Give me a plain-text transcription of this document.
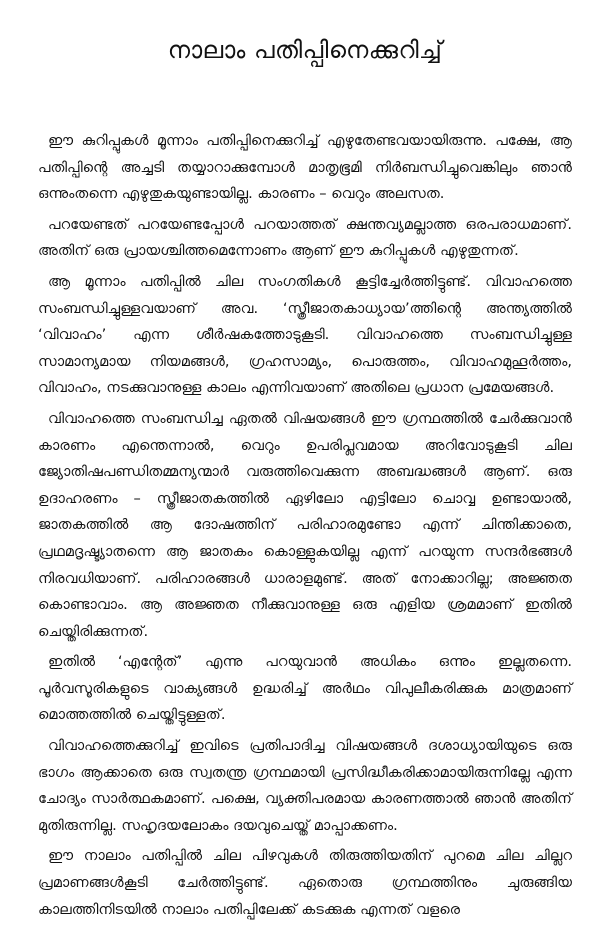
നാലാം പതിപ്പിനെക്കുറിച്ച്

ഈ കുറിപ്പുകൾ മൂന്നാം പതിപ്പിനെക്കുറിച്ച് എഴുതേണ്ടവയായിരുന്നു. പക്ഷേ, ആ പതിപ്പിന്റെ അച്ചടി തയ്യാറാക്കുമ്പോൾ മാതൃഭൂമി നിർബന്ധിച്ചുവെങ്കിലും ഞാൻ ഒന്നുംതന്നെ എഴുതുകയുണ്ടായില്ല. കാരണം – വെറും അലസത.

പറയേണ്ടത് പറയേണ്ടപ്പോൾ പറയാത്തത് ക്ഷന്തവ്യമല്ലാത്ത ഒരപരാധമാണ്. അതിന് ഒരു പ്രായശ്ചിത്തമെന്നോണം ആണ് ഈ കുറിപ്പുകൾ എഴുതുന്നത്.

ആ മൂന്നാം പതിപ്പിൽ ചില സംഗതികൾ കൂട്ടിച്ചേർത്തിട്ടുണ്ട്. വിവാഹത്തെ സംബന്ധിച്ചുള്ളവയാണ് അവ. ‘സ്ത്രീജാതകാധ്യായ’ത്തിന്റെ അന്ത്യത്തിൽ ‘വിവാഹം’ എന്ന ശീർഷകത്തോടുകൂടി. വിവാഹത്തെ സംബന്ധിച്ചുള്ള സാമാന്യമായ നിയമങ്ങൾ, ഗ്രഹസാമ്യം, പൊരുത്തം, വിവാഹമുഹൂർത്തം, വിവാഹം, നടക്കുവാനുള്ള കാലം എന്നിവയാണ് അതിലെ പ്രധാന പ്രമേയങ്ങൾ.

വിവാഹത്തെ സംബന്ധിച്ച ഏതൽ വിഷയങ്ങൾ ഈ ഗ്രന്ഥത്തിൽ ചേർക്കുവാൻ കാരണം എന്തെന്നാൽ, വെറും ഉപരിപ്ലവമായ അറിവോടുകൂടി ചില ജ്യോതിഷപണ്ഡിതമ്മന്യന്മാർ വരുത്തിവെക്കുന്ന അബദ്ധങ്ങൾ ആണ്. ഒരു ഉദാഹരണം – സ്ത്രീജാതകത്തിൽ ഏഴിലോ എട്ടിലോ ചൊവ്വ ഉണ്ടായാൽ, ജാതകത്തിൽ ആ ദോഷത്തിന് പരിഹാരമുണ്ടോ എന്ന് ചിന്തിക്കാതെ, പ്രഥമദൃഷ്ട്യാതന്നെ ആ ജാതകം കൊള്ളുകയില്ല എന്ന് പറയുന്ന സന്ദർഭങ്ങൾ നിരവധിയാണ്. പരിഹാരങ്ങൾ ധാരാളമുണ്ട്. അത് നോക്കാറില്ല; അജ്ഞത കൊണ്ടാവാം. ആ അജ്ഞത നീക്കുവാനുള്ള ഒരു എളിയ ശ്രമമാണ് ഇതിൽ ചെയ്തിരിക്കുന്നത്.

ഇതിൽ ‘എന്റേത്’ എന്നു പറയുവാൻ അധികം ഒന്നും ഇല്ലതന്നെ. പൂർവസൂരികളുടെ വാക്യങ്ങൾ ഉദ്ധരിച്ച് അർഥം വിപുലീകരിക്കുക മാത്രമാണ് മൊത്തത്തിൽ ചെയ്തിട്ടുള്ളത്.

വിവാഹത്തെക്കുറിച്ച് ഇവിടെ പ്രതിപാദിച്ച വിഷയങ്ങൾ ദശാധ്യായിയുടെ ഒരു ഭാഗം ആക്കാതെ ഒരു സ്വതന്ത്ര ഗ്രന്ഥമായി പ്രസിദ്ധീകരിക്കാമായിരുന്നില്ലേ എന്ന ചോദ്യം സാർത്ഥകമാണ്. പക്ഷെ, വ്യക്തിപരമായ കാരണത്താൽ ഞാൻ അതിന് മുതിരുന്നില്ല. സഹൃദയലോകം ദയവുചെയ്ത് മാപ്പാക്കണം.

ഈ നാലാം പതിപ്പിൽ ചില പിഴവുകൾ തിരുത്തിയതിന് പുറമെ ചില ചില്ലറ പ്രമാണങ്ങൾകൂടി ചേർത്തിട്ടുണ്ട്. ഏതൊരു ഗ്രന്ഥത്തിനും ചുരുങ്ങിയ കാലത്തിനിടയിൽ നാലാം പതിപ്പിലേക്ക് കടക്കുക എന്നത് വളരെ
